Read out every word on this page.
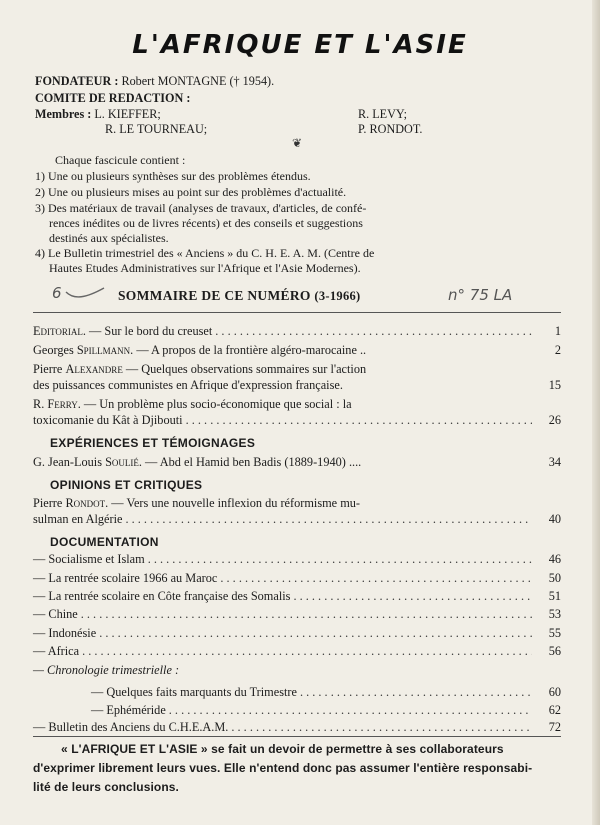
L'AFRIQUE ET L'ASIE
FONDATEUR : Robert MONTAGNE († 1954).
COMITE DE REDACTION :
Membres : L. KIEFFER;	R. LEVY;
R. LE TOURNEAU;	P. RONDOT.
❦
Chaque fascicule contient :
1) Une ou plusieurs synthèses sur des problèmes étendus.
2) Une ou plusieurs mises au point sur des problèmes d'actualité.
3) Des matériaux de travail (analyses de travaux, d'articles, de confé-
rences inédites ou de livres récents) et des conseils et suggestions
destinés aux spécialistes.
4) Le Bulletin trimestriel des « Anciens » du C. H. E. A. M. (Centre de
Hautes Etudes Administratives sur l'Afrique et l'Asie Modernes).
6	n° 75 LA
SOMMAIRE DE CE NUMÉRO (3-1966)
Editorial. — Sur le bord du creuset . . .	1
Georges Spillmann. — A propos de la frontière algéro-marocaine ..	2
Pierre Alexandre — Quelques observations sommaires sur l'action
des puissances communistes en Afrique d'expression française.	15
R. Ferry. — Un problème plus socio-économique que social : la
toxicomanie du Kât à Djibouti . . .	26
EXPÉRIENCES ET TÉMOIGNAGES
G. Jean-Louis Soulié. — Abd el Hamid ben Badis (1889-1940) ....	34
OPINIONS ET CRITIQUES
Pierre Rondot. — Vers une nouvelle inflexion du réformisme mu-
sulman en Algérie . . .	40
DOCUMENTATION
— Socialisme et Islam . . .	46
— La rentrée scolaire 1966 au Maroc . . .	50
— La rentrée scolaire en Côte française des Somalis . . .	51
— Chine . . .	53
— Indonésie . . .	55
— Africa . . .	56
— Chronologie trimestrielle :
— Quelques faits marquants du Trimestre . . .	60
— Ephéméride . . .	62
— Bulletin des Anciens du C.H.E.A.M. . . .	72
« L'AFRIQUE ET L'ASIE » se fait un devoir de permettre à ses collaborateurs
d'exprimer librement leurs vues. Elle n'entend donc pas assumer l'entière responsabi-
lité de leurs conclusions.
